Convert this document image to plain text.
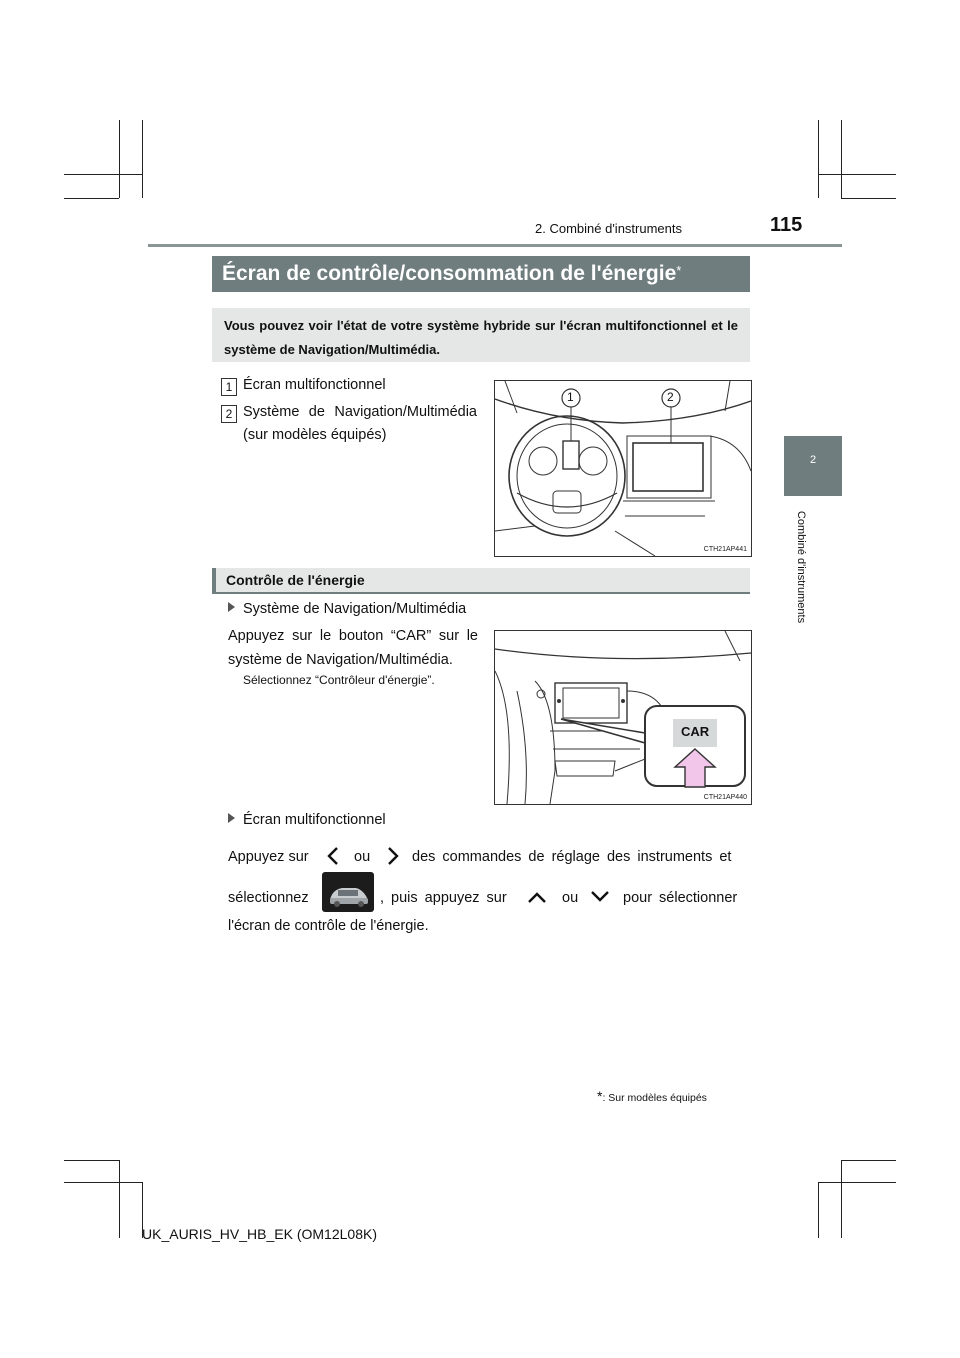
2. Combiné d'instruments	115
2
Combiné d'instruments
Écran de contrôle/consommation de l'énergie*
Vous pouvez voir l'état de votre système hybride sur l'écran multifonctionnel et le système de Navigation/Multimédia.
1 Écran multifonctionnel
2 Système de Navigation/Multimédia (sur modèles équipés)
1	2
CTH21AP441
Contrôle de l'énergie
Système de Navigation/Multimédia
Appuyez sur le bouton “CAR” sur le système de Navigation/Multimédia.
Sélectionnez “Contrôleur d'énergie”.
CAR
CTH21AP440
Écran multifonctionnel
Appuyez sur	ou	des commandes de réglage des instruments et
sélectionnez	, puis appuyez sur	ou	pour sélectionner
l'écran de contrôle de l'énergie.
*: Sur modèles équipés
UK_AURIS_HV_HB_EK (OM12L08K)
